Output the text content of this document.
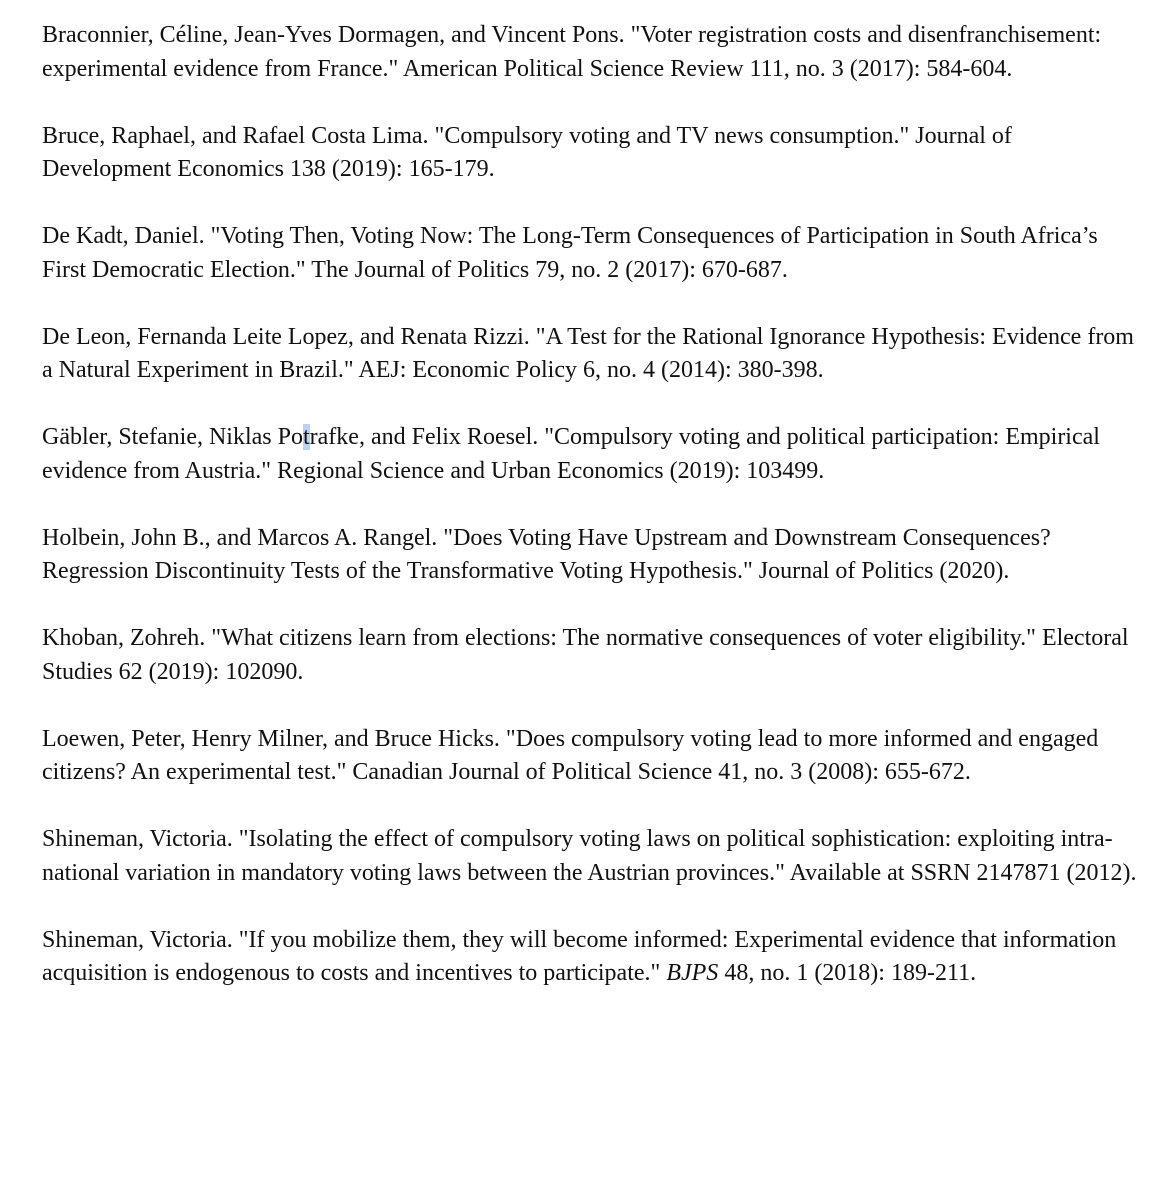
Braconnier, Céline, Jean-Yves Dormagen, and Vincent Pons. "Voter registration costs and disenfranchisement: experimental evidence from France." American Political Science Review 111, no. 3 (2017): 584-604.

Bruce, Raphael, and Rafael Costa Lima. "Compulsory voting and TV news consumption." Journal of Development Economics 138 (2019): 165-179.

De Kadt, Daniel. "Voting Then, Voting Now: The Long-Term Consequences of Participation in South Africa’s First Democratic Election." The Journal of Politics 79, no. 2 (2017): 670-687.

De Leon, Fernanda Leite Lopez, and Renata Rizzi. "A Test for the Rational Ignorance Hypothesis: Evidence from a Natural Experiment in Brazil." AEJ: Economic Policy 6, no. 4 (2014): 380-398.

Gäbler, Stefanie, Niklas Potrafke, and Felix Roesel. "Compulsory voting and political participation: Empirical evidence from Austria." Regional Science and Urban Economics (2019): 103499.

Holbein, John B., and Marcos A. Rangel. "Does Voting Have Upstream and Downstream Consequences? Regression Discontinuity Tests of the Transformative Voting Hypothesis." Journal of Politics (2020).

Khoban, Zohreh. "What citizens learn from elections: The normative consequences of voter eligibility." Electoral Studies 62 (2019): 102090.

Loewen, Peter, Henry Milner, and Bruce Hicks. "Does compulsory voting lead to more informed and engaged citizens? An experimental test." Canadian Journal of Political Science 41, no. 3 (2008): 655-672.

Shineman, Victoria. "Isolating the effect of compulsory voting laws on political sophistication: exploiting intra-national variation in mandatory voting laws between the Austrian provinces." Available at SSRN 2147871 (2012).

Shineman, Victoria. "If you mobilize them, they will become informed: Experimental evidence that information acquisition is endogenous to costs and incentives to participate." BJPS 48, no. 1 (2018): 189-211.
